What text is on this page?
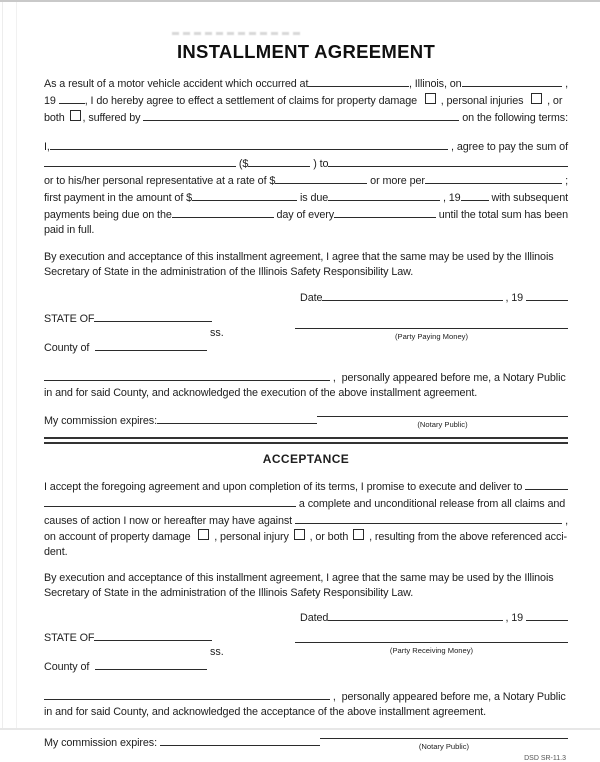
INSTALLMENT AGREEMENT
As a result of a motor vehicle accident which occurred at	, Illinois, on	,
19 , I do hereby agree to effect a settlement of claims for property damage , personal injuries , or
both , suffered by	on the following terms:
I,	, agree to pay the sum of
($	) to
or to his/her personal representative at a rate of $	or more per	;
first payment in the amount of $	is due	, 19	with subsequent
payments being due on the	day of every	until the total sum has been
paid in full.
By execution and acceptance of this installment agreement, I agree that the same may be used by the Illinois
Secretary of State in the administration of the Illinois Safety Responsibility Law.
Date	, 19
STATE OF
ss.
County of
(Party Paying Money)
,  personally appeared before me, a Notary Public
in and for said County, and acknowledged the execution of the above installment agreement.
My commission expires:	(Notary Public)
ACCEPTANCE
I accept the foregoing agreement and upon completion of its terms, I promise to execute and deliver to
a complete and unconditional release from all claims and
causes of action I now or hereafter may have against	,
on account of property damage , personal injury , or both , resulting from the above referenced acci-
dent.
By execution and acceptance of this installment agreement, I agree that the same may be used by the Illinois
Secretary of State in the administration of the Illinois Safety Responsibility Law.
Dated	, 19
STATE OF
ss.
County of
(Party Receiving Money)
,  personally appeared before me, a Notary Public
in and for said County, and acknowledged the acceptance of the above installment agreement.
My commission expires:	(Notary Public)
DSD SR-11.3
